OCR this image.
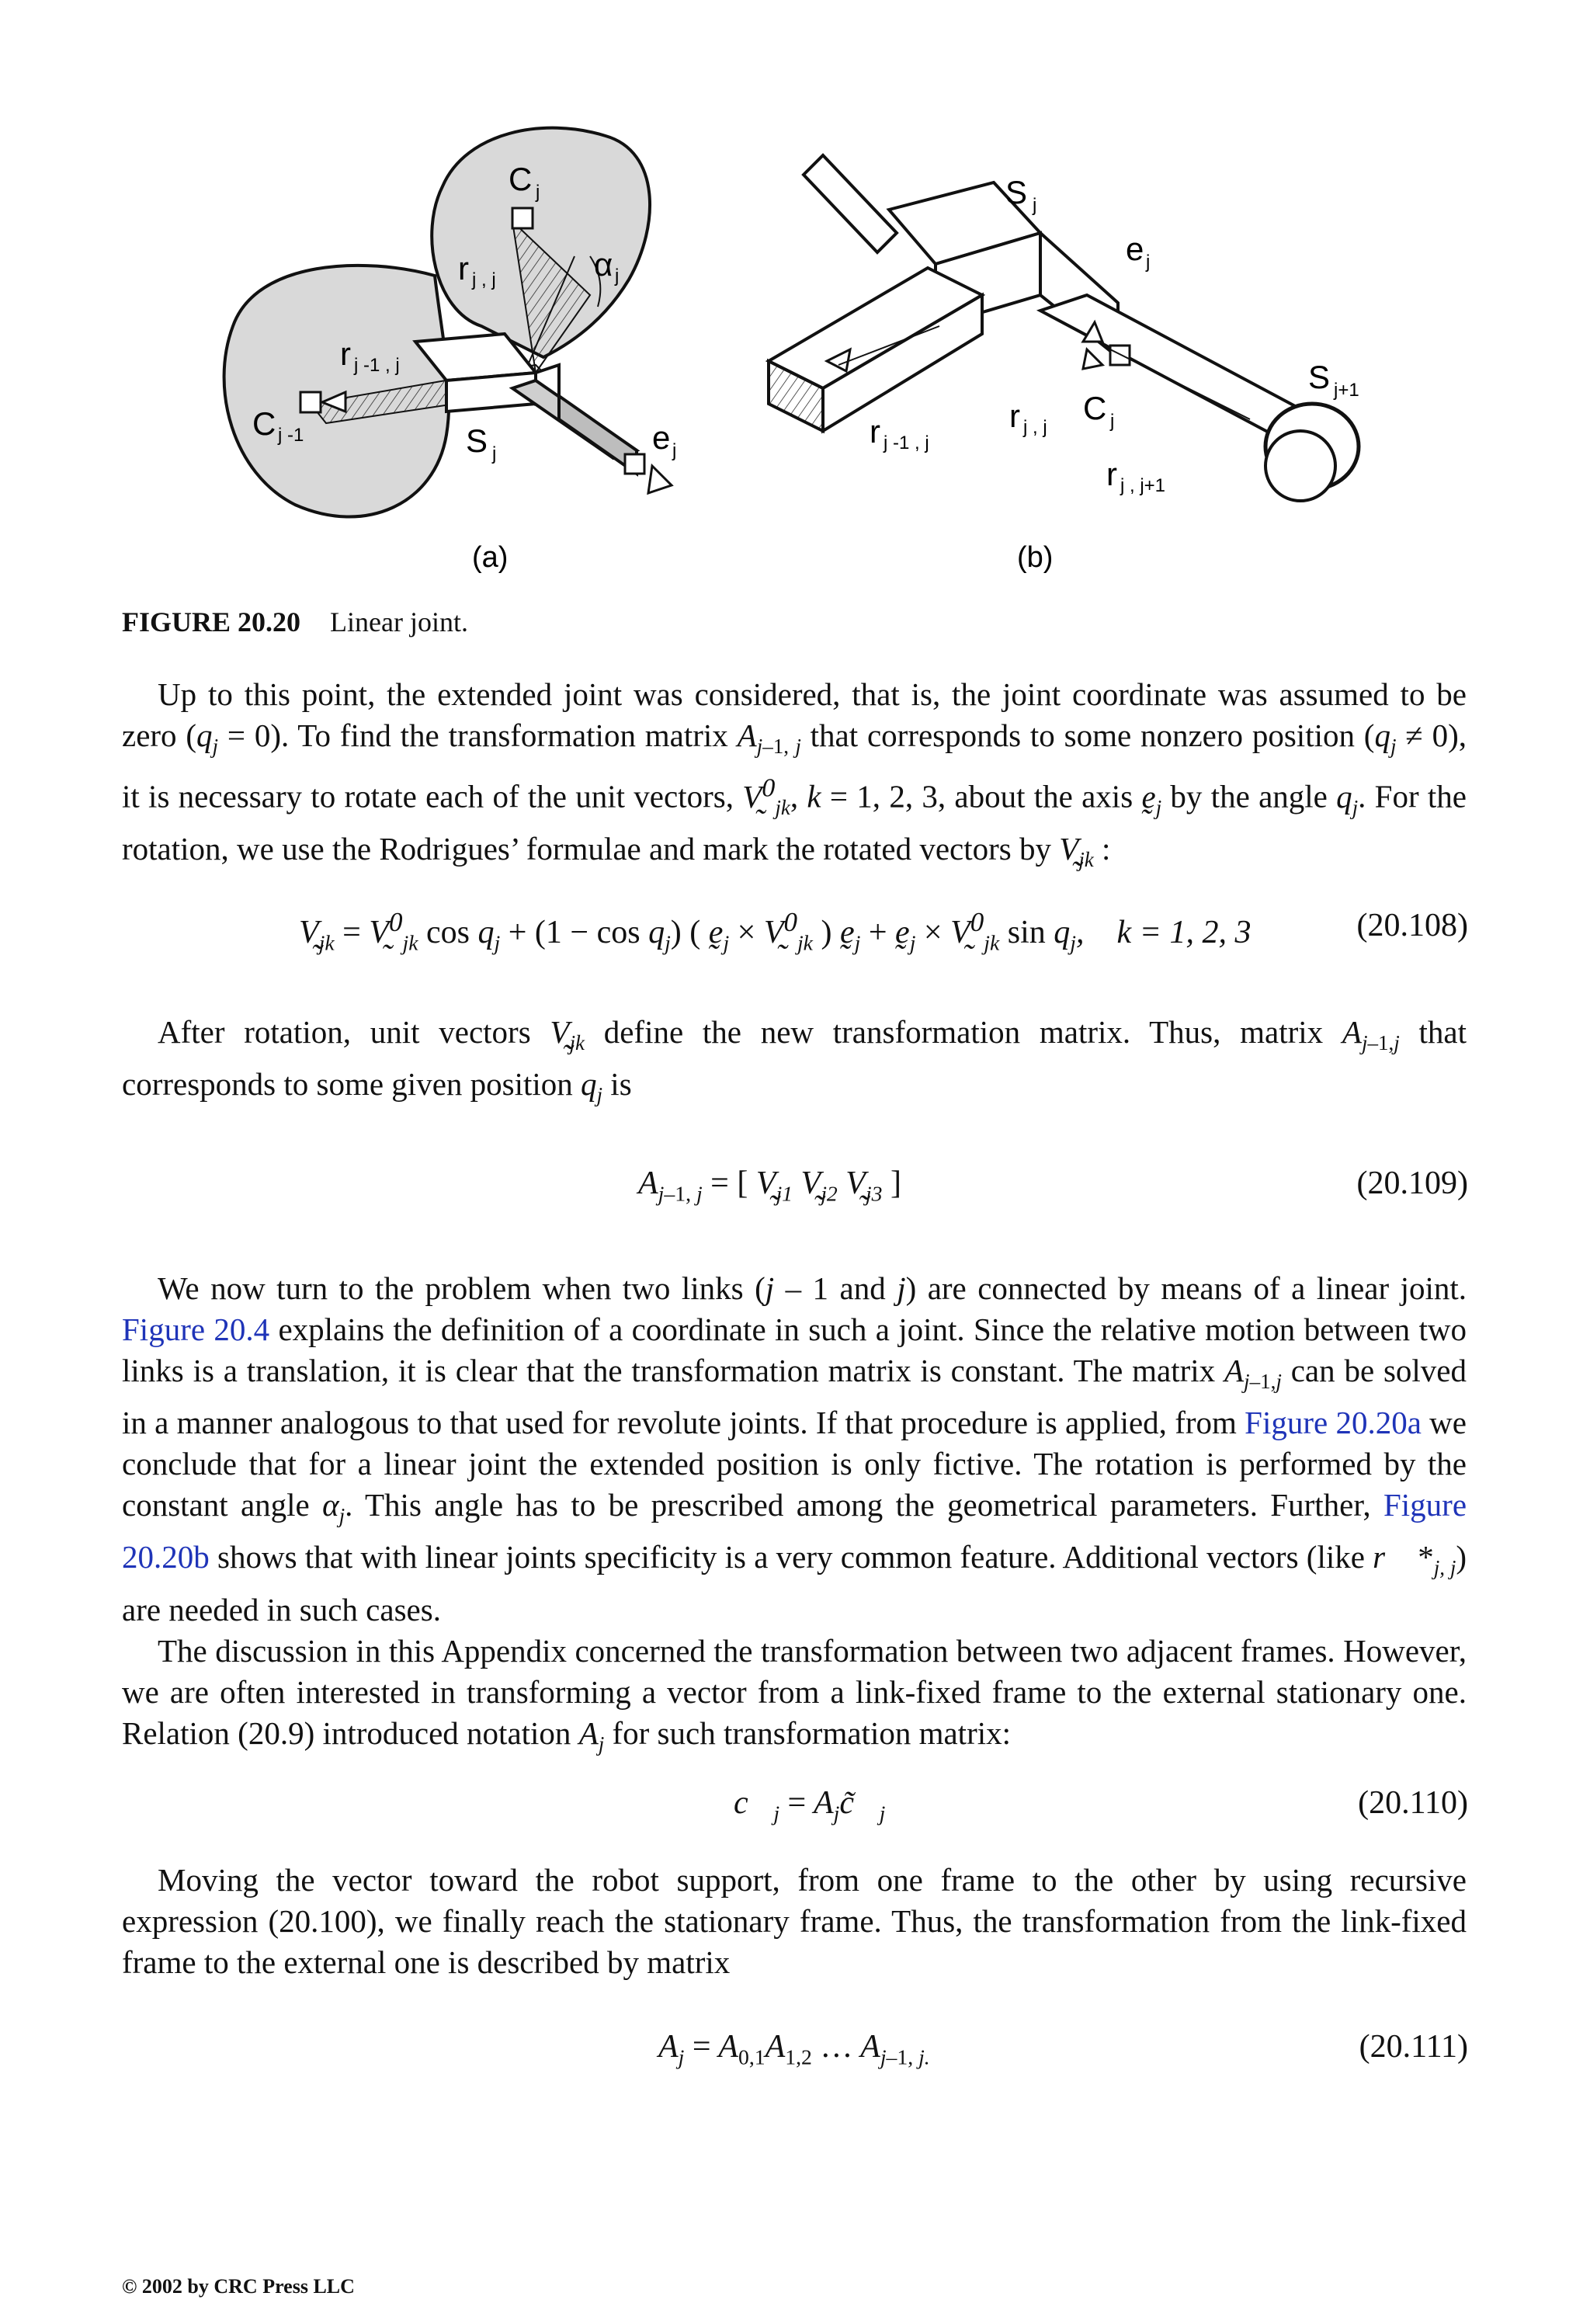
C j
r j , j	α j
r j -1 , j
C j -1	S j	e j
(a)
S j
e j
S j+1
r j -1 , j
r j , j
C j
r j , j+1
(b)
FIGURE 20.20 Linear joint.

Up to this point, the extended joint was considered, that is, the joint coordinate was assumed to be zero $(q_j = 0)$. To find the transformation matrix $A_{j-1,}$ $_j$ that corresponds to some nonzero position $(q_j \ne 0)$, it is necessary to rotate each of the unit vectors, V̰$^0_{jk}$, k = 1, 2, 3, about the axis ḛ$_j$ by the angle $q_j$. For the rotation, we use the Rodrigues’ formulae and mark the rotated vectors by $V̰_{jk}$ :

$V̰_{jk}$ = V̰$^0_{jk}$ $\cos q_j + (1 - \cos q_j)$ ( ḛ$_j$ × V̰$^0_{jk}$ ) ḛ$_j$ + ḛ$_j$ × V̰$^0_{jk}$ $\sin q_j$,    k = 1, 2, 3	(20.108)

After rotation, unit vectors $V̰_{jk}$ define the new transformation matrix. Thus, matrix $A_{j-1,j}$ that corresponds to some given position $q_j$ is

$A_{j-1,}$ $_j$ = [ $V̰_{j1}$ $V̰_{j2}$ $V̰_{j3}$ ]	(20.109)

We now turn to the problem when two links (j – 1 and j) are connected by means of a linear joint. Figure 20.4 explains the definition of a coordinate in such a joint. Since the relative motion between two links is a translation, it is clear that the transformation matrix is constant. The matrix $A_{j-1,j}$ can be solved in a manner analogous to that used for revolute joints. If that procedure is applied, from Figure 20.20a we conclude that for a linear joint the extended position is only fictive. The rotation is performed by the constant angle $\alpha_j$. This angle has to be prescribed among the geometrical parameters. Further, Figure 20.20b shows that with linear joints specificity is a very common feature. Additional vectors (like r⃗ $*_{j, j}$) are needed in such cases.
The discussion in this Appendix concerned the transformation between two adjacent frames. However, we are often interested in transforming a vector from a link-fixed frame to the external stationary one. Relation (20.9) introduced notation $A_j$ for such transformation matrix:

$c⃗_j$ = $A_jc̃⃗_j$	(20.110)

Moving the vector toward the robot support, from one frame to the other by using recursive expression (20.100), we finally reach the stationary frame. Thus, the transformation from the link-fixed frame to the external one is described by matrix

$A_j = A_{0,1}A_{1,2}$ … $A_{j-1,}$ $_{j.}$	(20.111)
© 2002 by CRC Press LLC
